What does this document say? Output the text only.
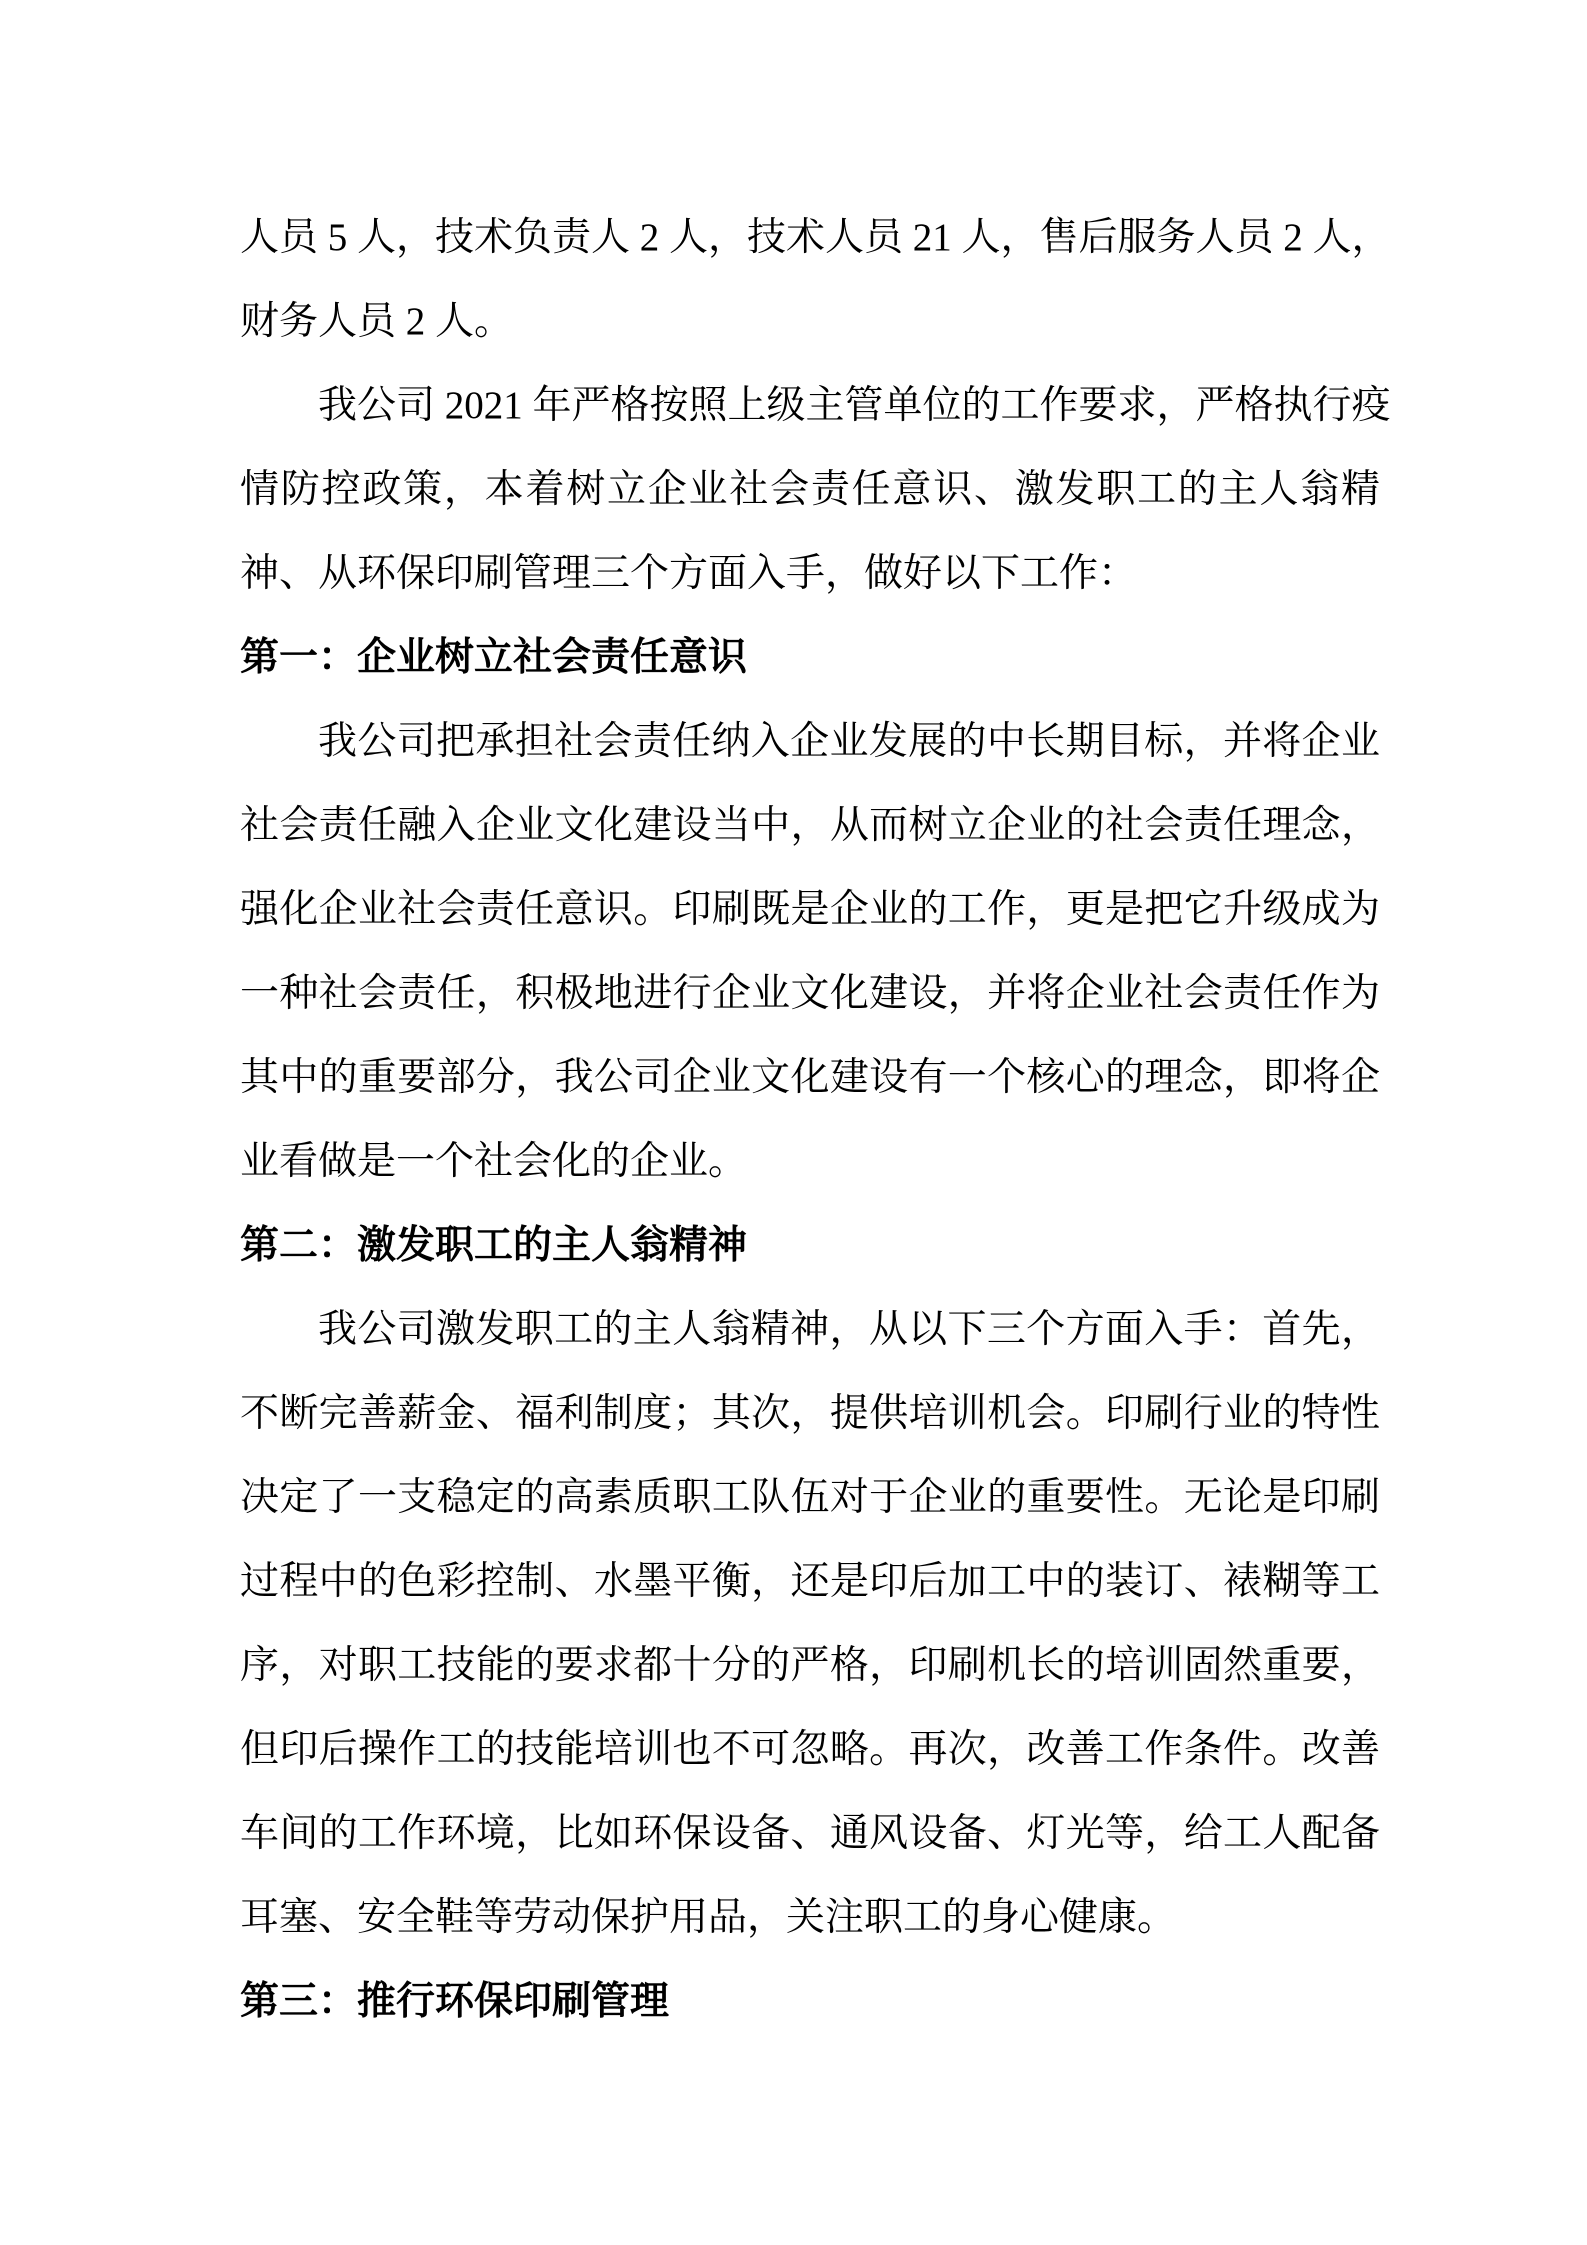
人员 5 人，技术负责人 2 人，技术人员 21 人，售后服务人员 2 人，
财务人员 2 人。
我公司 2021 年严格按照上级主管单位的工作要求，严格执行疫
情防控政策，本着树立企业社会责任意识、激发职工的主人翁精
神、从环保印刷管理三个方面入手，做好以下工作：
第一：企业树立社会责任意识
我公司把承担社会责任纳入企业发展的中长期目标，并将企业
社会责任融入企业文化建设当中，从而树立企业的社会责任理念，
强化企业社会责任意识。印刷既是企业的工作，更是把它升级成为
一种社会责任，积极地进行企业文化建设，并将企业社会责任作为
其中的重要部分，我公司企业文化建设有一个核心的理念，即将企
业看做是一个社会化的企业。
第二：激发职工的主人翁精神
我公司激发职工的主人翁精神，从以下三个方面入手：首先，
不断完善薪金、福利制度；其次，提供培训机会。印刷行业的特性
决定了一支稳定的高素质职工队伍对于企业的重要性。无论是印刷
过程中的色彩控制、水墨平衡，还是印后加工中的装订、裱糊等工
序，对职工技能的要求都十分的严格，印刷机长的培训固然重要，
但印后操作工的技能培训也不可忽略。再次，改善工作条件。改善
车间的工作环境，比如环保设备、通风设备、灯光等，给工人配备
耳塞、安全鞋等劳动保护用品，关注职工的身心健康。
第三：推行环保印刷管理
